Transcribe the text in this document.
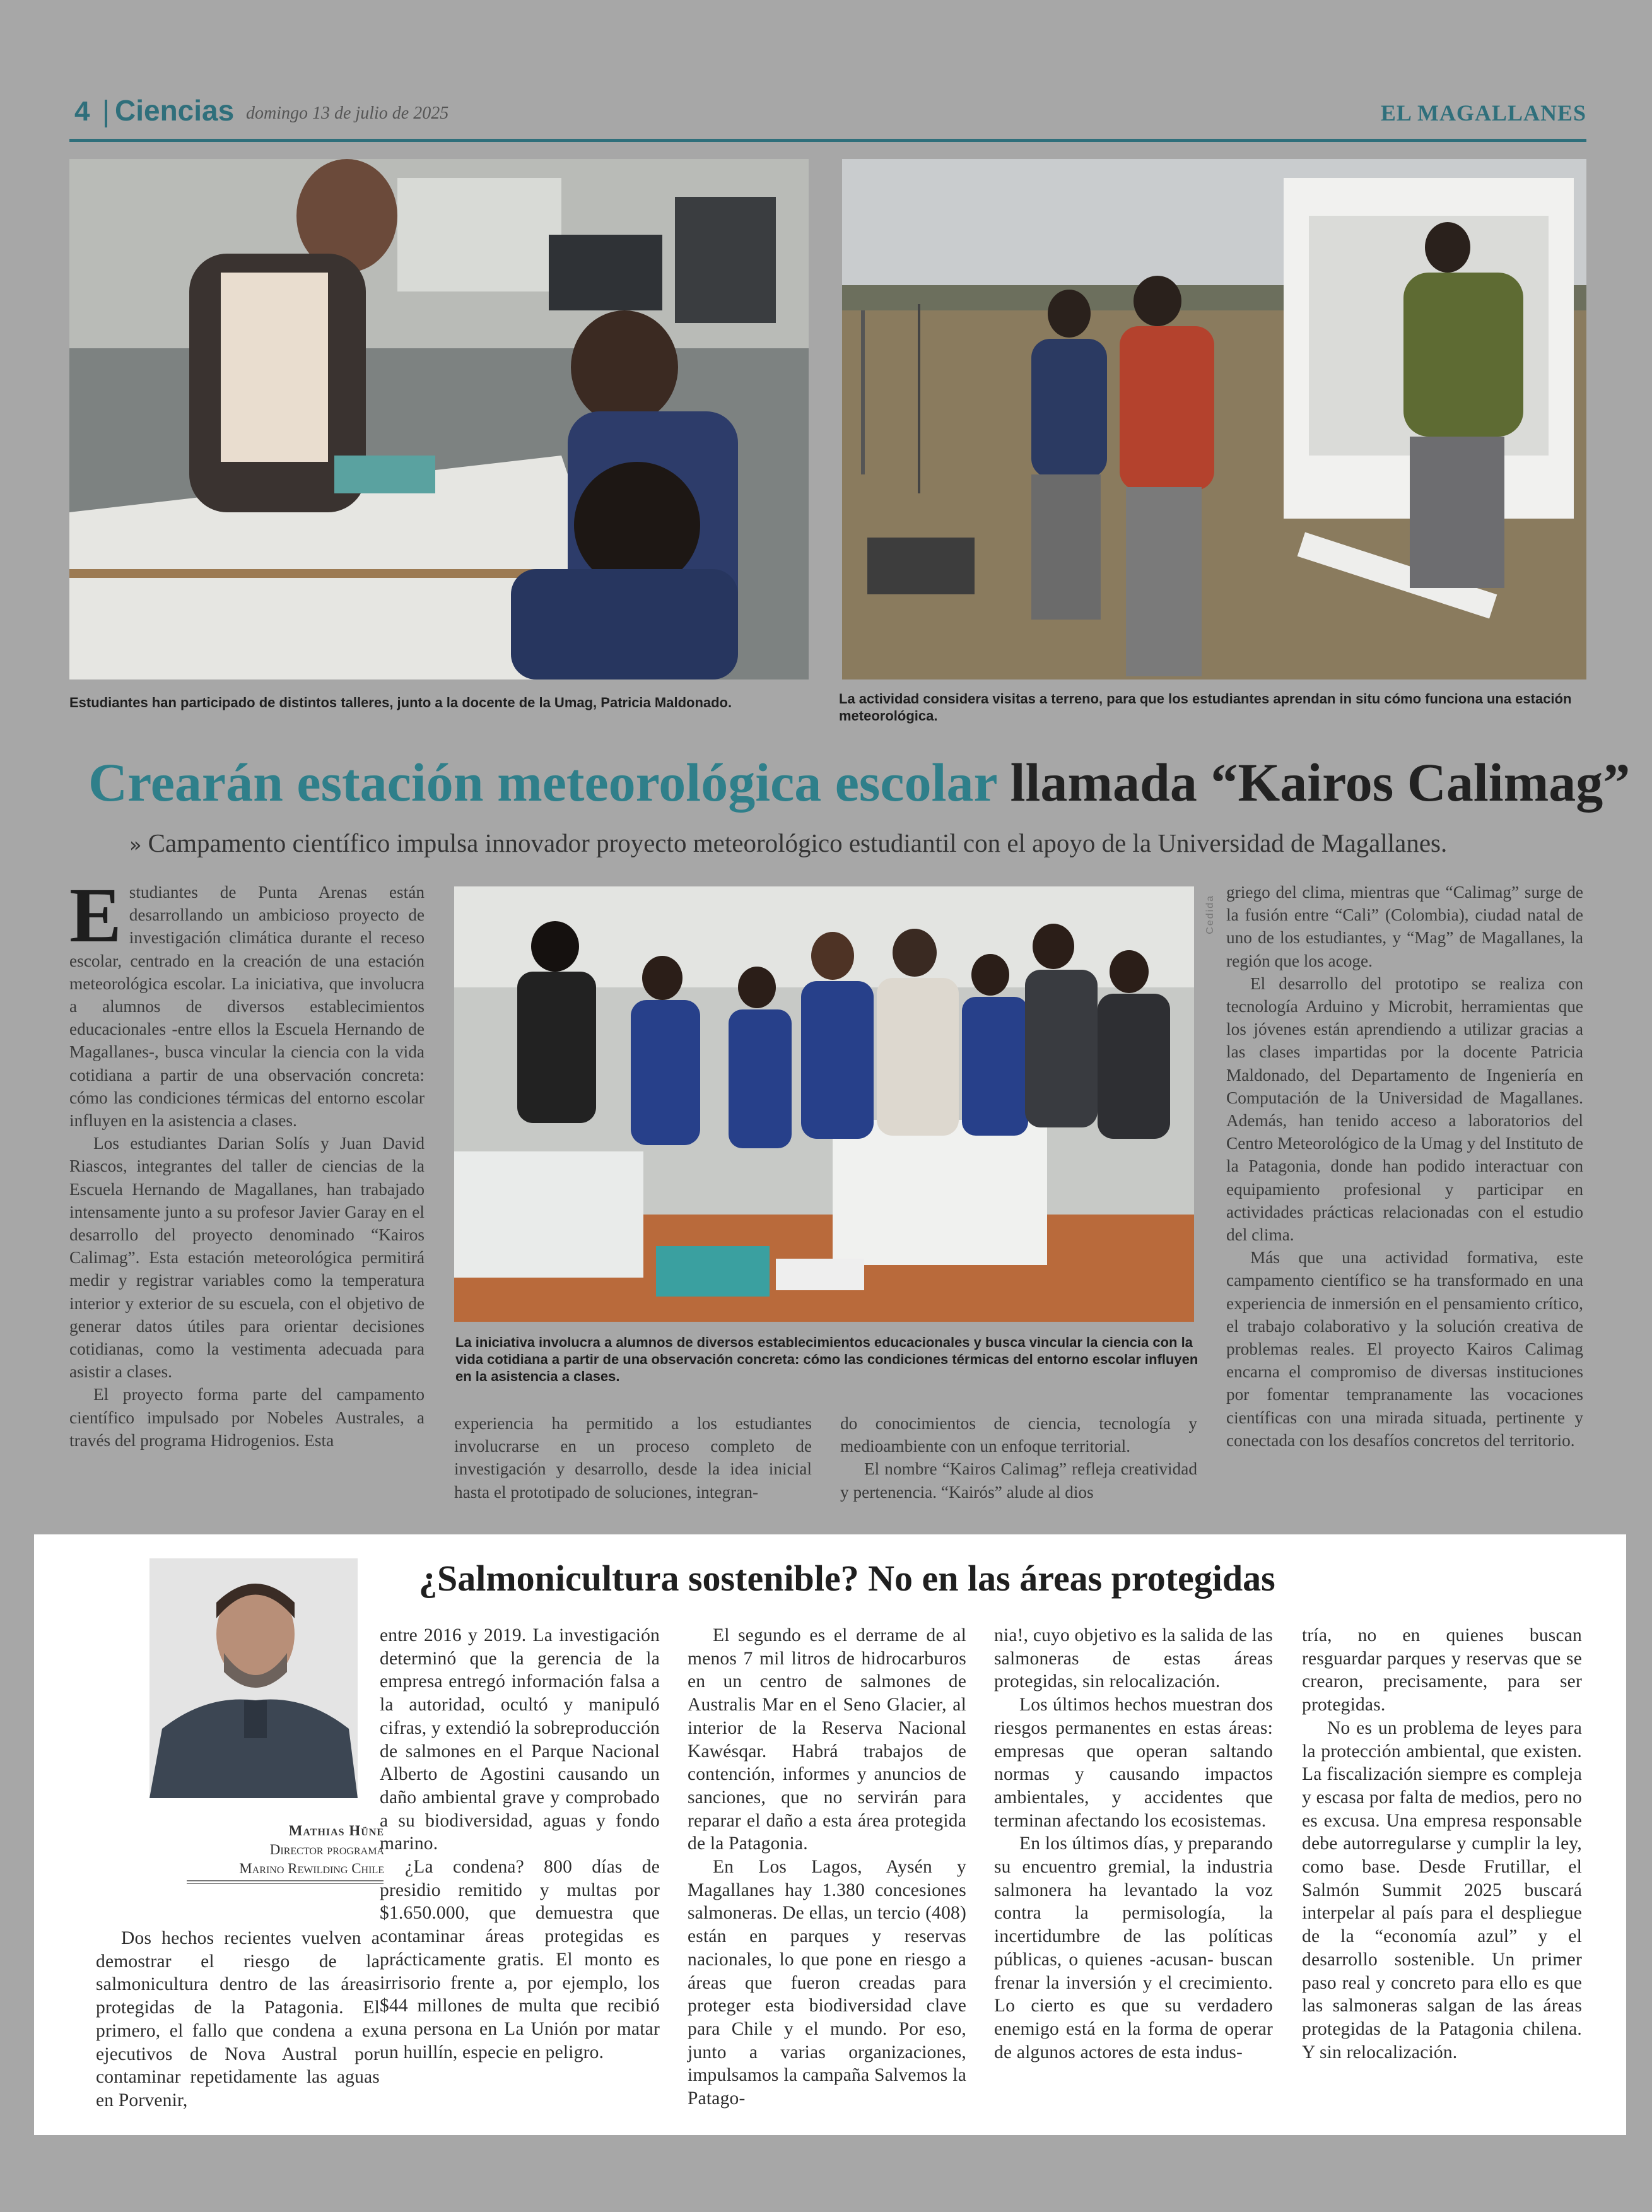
4 Ciencias domingo 13 de julio de 2025	EL MAGALLANES
Estudiantes han participado de distintos talleres, junto a la docente de la Umag, Patricia Maldonado.	La actividad considera visitas a terreno, para que los estudiantes aprendan in situ cómo funciona una estación meteorológica.
Crearán estación meteorológica escolar llamada “Kairos Calimag”
» Campamento científico impulsa innovador proyecto meteorológico estudiantil con el apoyo de la Universidad de Magallanes.

Estudiantes de Punta Arenas están desarrollando un ambicioso proyecto de investigación climática durante el receso escolar, centrado en la creación de una estación meteorológica escolar. La iniciativa, que involucra a alumnos de diversos establecimientos educacionales -entre ellos la Escuela Hernando de Magallanes-, busca vincular la ciencia con la vida cotidiana a partir de una observación concreta: cómo las condiciones térmicas del entorno escolar influyen en la asistencia a clases.

Los estudiantes Darian Solís y Juan David Riascos, integrantes del taller de ciencias de la Escuela Hernando de Magallanes, han trabajado intensamente junto a su profesor Javier Garay en el desarrollo del proyecto denominado “Kairos Calimag”. Esta estación meteorológica permitirá medir y registrar variables como la temperatura interior y exterior de su escuela, con el objetivo de generar datos útiles para orientar decisiones cotidianas, como la vestimenta adecuada para asistir a clases.

El proyecto forma parte del campamento científico impulsado por Nobeles Australes, a través del programa Hidrogenios. Esta

Cedida
La iniciativa involucra a alumnos de diversos establecimientos educacionales y busca vincular la ciencia con la vida cotidiana a partir de una observación concreta: cómo las condiciones térmicas del entorno escolar influyen en la asistencia a clases.

experiencia ha permitido a los estudiantes involucrarse en un proceso completo de investigación y desarrollo, desde la idea inicial hasta el prototipado de soluciones, integran-

do conocimientos de ciencia, tecnología y medioambiente con un enfoque territorial.

El nombre “Kairos Calimag” refleja creatividad y pertenencia. “Kairós” alude al dios

griego del clima, mientras que “Calimag” surge de la fusión entre “Cali” (Colombia), ciudad natal de uno de los estudiantes, y “Mag” de Magallanes, la región que los acoge.

El desarrollo del prototipo se realiza con tecnología Arduino y Microbit, herramientas que los jóvenes están aprendiendo a utilizar gracias a las clases impartidas por la docente Patricia Maldonado, del Departamento de Ingeniería en Computación de la Universidad de Magallanes. Además, han tenido acceso a laboratorios del Centro Meteorológico de la Umag y del Instituto de la Patagonia, donde han podido interactuar con equipamiento profesional y participar en actividades prácticas relacionadas con el estudio del clima.

Más que una actividad formativa, este campamento científico se ha transformado en una experiencia de inmersión en el pensamiento crítico, el trabajo colaborativo y la solución creativa de problemas reales. El proyecto Kairos Calimag encarna el compromiso de diversas instituciones por fomentar tempranamente las vocaciones científicas con una mirada situada, pertinente y conectada con los desafíos concretos del territorio.

¿Salmonicultura sostenible? No en las áreas protegidas
Mathias Hüne
Director programa
Marino Rewilding Chile

Dos hechos recientes vuelven a demostrar el riesgo de la salmonicultura dentro de las áreas protegidas de la Patagonia. El primero, el fallo que condena a ex ejecutivos de Nova Austral por contaminar repetidamente las aguas en Porvenir,

entre 2016 y 2019. La investigación determinó que la gerencia de la empresa entregó información falsa a la autoridad, ocultó y manipuló cifras, y extendió la sobreproducción de salmones en el Parque Nacional Alberto de Agostini causando un daño ambiental grave y comprobado a su biodiversidad, aguas y fondo marino.

¿La condena? 800 días de presidio remitido y multas por $1.650.000, que demuestra que contaminar áreas protegidas es prácticamente gratis. El monto es irrisorio frente a, por ejemplo, los $44 millones de multa que recibió una persona en La Unión por matar un huillín, especie en peligro.

El segundo es el derrame de al menos 7 mil litros de hidrocarburos en un centro de salmones de Australis Mar en el Seno Glacier, al interior de la Reserva Nacional Kawésqar. Habrá trabajos de contención, informes y anuncios de sanciones, que no servirán para reparar el daño a esta área protegida de la Patagonia.

En Los Lagos, Aysén y Magallanes hay 1.380 concesiones salmoneras. De ellas, un tercio (408) están en parques y reservas nacionales, lo que pone en riesgo a áreas que fueron creadas para proteger esta biodiversidad clave para Chile y el mundo. Por eso, junto a varias organizaciones, impulsamos la campaña Salvemos la Patago-

nia!, cuyo objetivo es la salida de las salmoneras de estas áreas protegidas, sin relocalización.

Los últimos hechos muestran dos riesgos permanentes en estas áreas: empresas que operan saltando normas y causando impactos ambientales, y accidentes que terminan afectando los ecosistemas.

En los últimos días, y preparando su encuentro gremial, la industria salmonera ha levantado la voz contra la permisología, la incertidumbre de las políticas públicas, o quienes -acusan- buscan frenar la inversión y el crecimiento. Lo cierto es que su verdadero enemigo está en la forma de operar de algunos actores de esta indus-

tría, no en quienes buscan resguardar parques y reservas que se crearon, precisamente, para ser protegidas.

No es un problema de leyes para la protección ambiental, que existen. La fiscalización siempre es compleja y escasa por falta de medios, pero no es excusa. Una empresa responsable debe autorregularse y cumplir la ley, como base. Desde Frutillar, el Salmón Summit 2025 buscará interpelar al país para el despliegue de la “economía azul” y el desarrollo sostenible. Un primer paso real y concreto para ello es que las salmoneras salgan de las áreas protegidas de la Patagonia chilena. Y sin relocalización.
